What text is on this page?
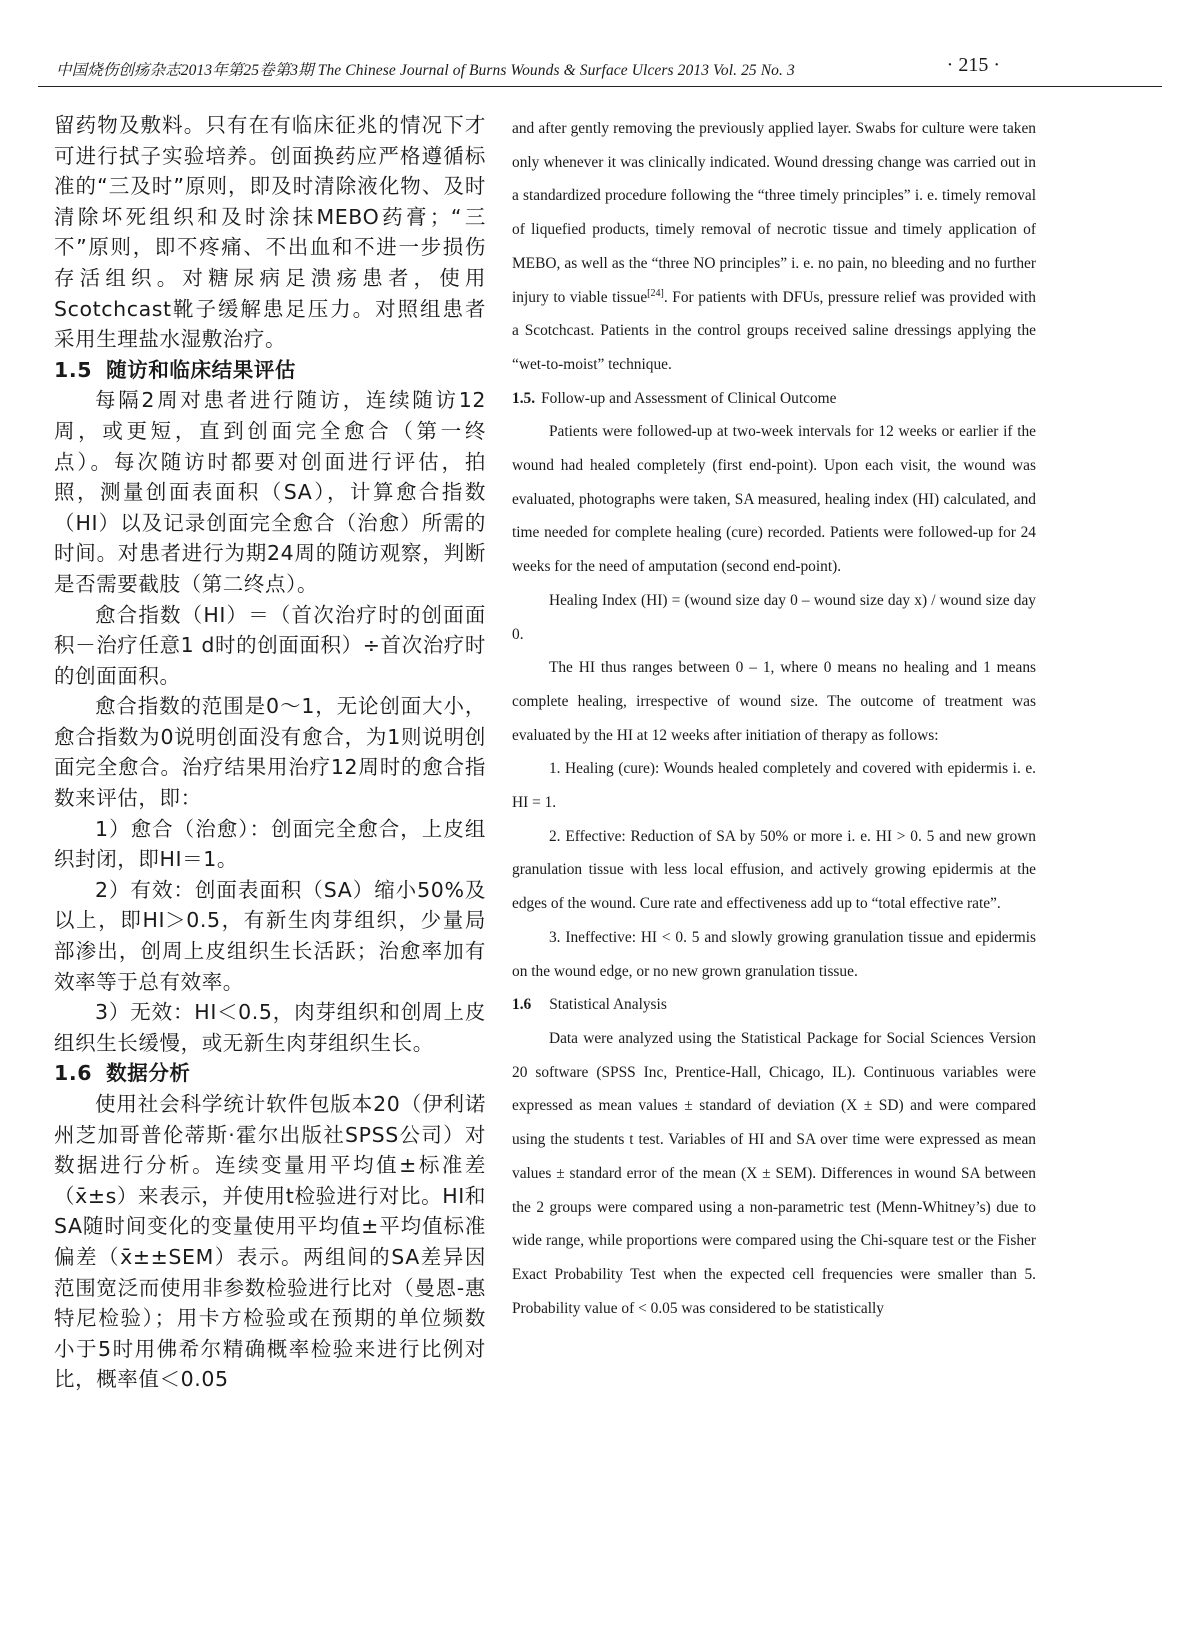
中国烧伤创疡杂志2013年第25卷第3期 The Chinese Journal of Burns Wounds & Surface Ulcers 2013 Vol. 25 No. 3	· 215 ·

留药物及敷料。只有在有临床征兆的情况下才可进行拭子实验培养。创面换药应严格遵循标准的“三及时”原则，即及时清除液化物、及时清除坏死组织和及时涂抹MEBO药膏；“三不”原则，即不疼痛、不出血和不进一步损伤存活组织。对糖尿病足溃疡患者，使用Scotchcast靴子缓解患足压力。对照组患者采用生理盐水湿敷治疗。

1.5 随访和临床结果评估

每隔2周对患者进行随访，连续随访12周，或更短，直到创面完全愈合（第一终点）。每次随访时都要对创面进行评估，拍照，测量创面表面积（SA），计算愈合指数（HI）以及记录创面完全愈合（治愈）所需的时间。对患者进行为期24周的随访观察，判断是否需要截肢（第二终点）。

愈合指数（HI）＝（首次治疗时的创面面积－治疗任意1 d时的创面面积）÷首次治疗时的创面面积。

愈合指数的范围是0～1，无论创面大小，愈合指数为0说明创面没有愈合，为1则说明创面完全愈合。治疗结果用治疗12周时的愈合指数来评估，即：

1）愈合（治愈）：创面完全愈合，上皮组织封闭，即HI＝1。

2）有效：创面表面积（SA）缩小50%及以上，即HI＞0.5，有新生肉芽组织，少量局部渗出，创周上皮组织生长活跃；治愈率加有效率等于总有效率。

3）无效：HI＜0.5，肉芽组织和创周上皮组织生长缓慢，或无新生肉芽组织生长。

1.6 数据分析

使用社会科学统计软件包版本20（伊利诺州芝加哥普伦蒂斯·霍尔出版社SPSS公司）对数据进行分析。连续变量用平均值±标准差（x̄±s）来表示，并使用t检验进行对比。HI和SA随时间变化的变量使用平均值±平均值标准偏差（x̄±±SEM）表示。两组间的SA差异因范围宽泛而使用非参数检验进行比对（曼恩-惠特尼检验）；用卡方检验或在预期的单位频数小于5时用佛希尔精确概率检验来进行比例对比，概率值＜0.05

and after gently removing the previously applied layer. Swabs for culture were taken only whenever it was clinically indicated. Wound dressing change was carried out in a standardized procedure following the “three timely principles” i. e. timely removal of liquefied products, timely removal of necrotic tissue and timely application of MEBO, as well as the “three NO principles” i. e. no pain, no bleeding and no further injury to viable tissue[24]. For patients with DFUs, pressure relief was provided with a Scotchcast. Patients in the control groups received saline dressings applying the “wet-to-moist” technique.

1.5. Follow-up and Assessment of Clinical Outcome

Patients were followed-up at two-week intervals for 12 weeks or earlier if the wound had healed completely (first end-point). Upon each visit, the wound was evaluated, photographs were taken, SA measured, healing index (HI) calculated, and time needed for complete healing (cure) recorded. Patients were followed-up for 24 weeks for the need of amputation (second end-point).

Healing Index (HI) = (wound size day 0 – wound size day x) / wound size day 0.

The HI thus ranges between 0 – 1, where 0 means no healing and 1 means complete healing, irrespective of wound size. The outcome of treatment was evaluated by the HI at 12 weeks after initiation of therapy as follows:

1. Healing (cure): Wounds healed completely and covered with epidermis i. e. HI = 1.

2. Effective: Reduction of SA by 50% or more i. e. HI > 0. 5 and new grown granulation tissue with less local effusion, and actively growing epidermis at the edges of the wound. Cure rate and effectiveness add up to “total effective rate”.

3. Ineffective: HI < 0. 5 and slowly growing granulation tissue and epidermis on the wound edge, or no new grown granulation tissue.

1.6 Statistical Analysis

Data were analyzed using the Statistical Package for Social Sciences Version 20 software (SPSS Inc, Prentice-Hall, Chicago, IL). Continuous variables were expressed as mean values ± standard of deviation (X ± SD) and were compared using the students t test. Variables of HI and SA over time were expressed as mean values ± standard error of the mean (X ± SEM). Differences in wound SA between the 2 groups were compared using a non-parametric test (Menn-Whitney’s) due to wide range, while proportions were compared using the Chi-square test or the Fisher Exact Probability Test when the expected cell frequencies were smaller than 5. Probability value of < 0.05 was considered to be statistically
